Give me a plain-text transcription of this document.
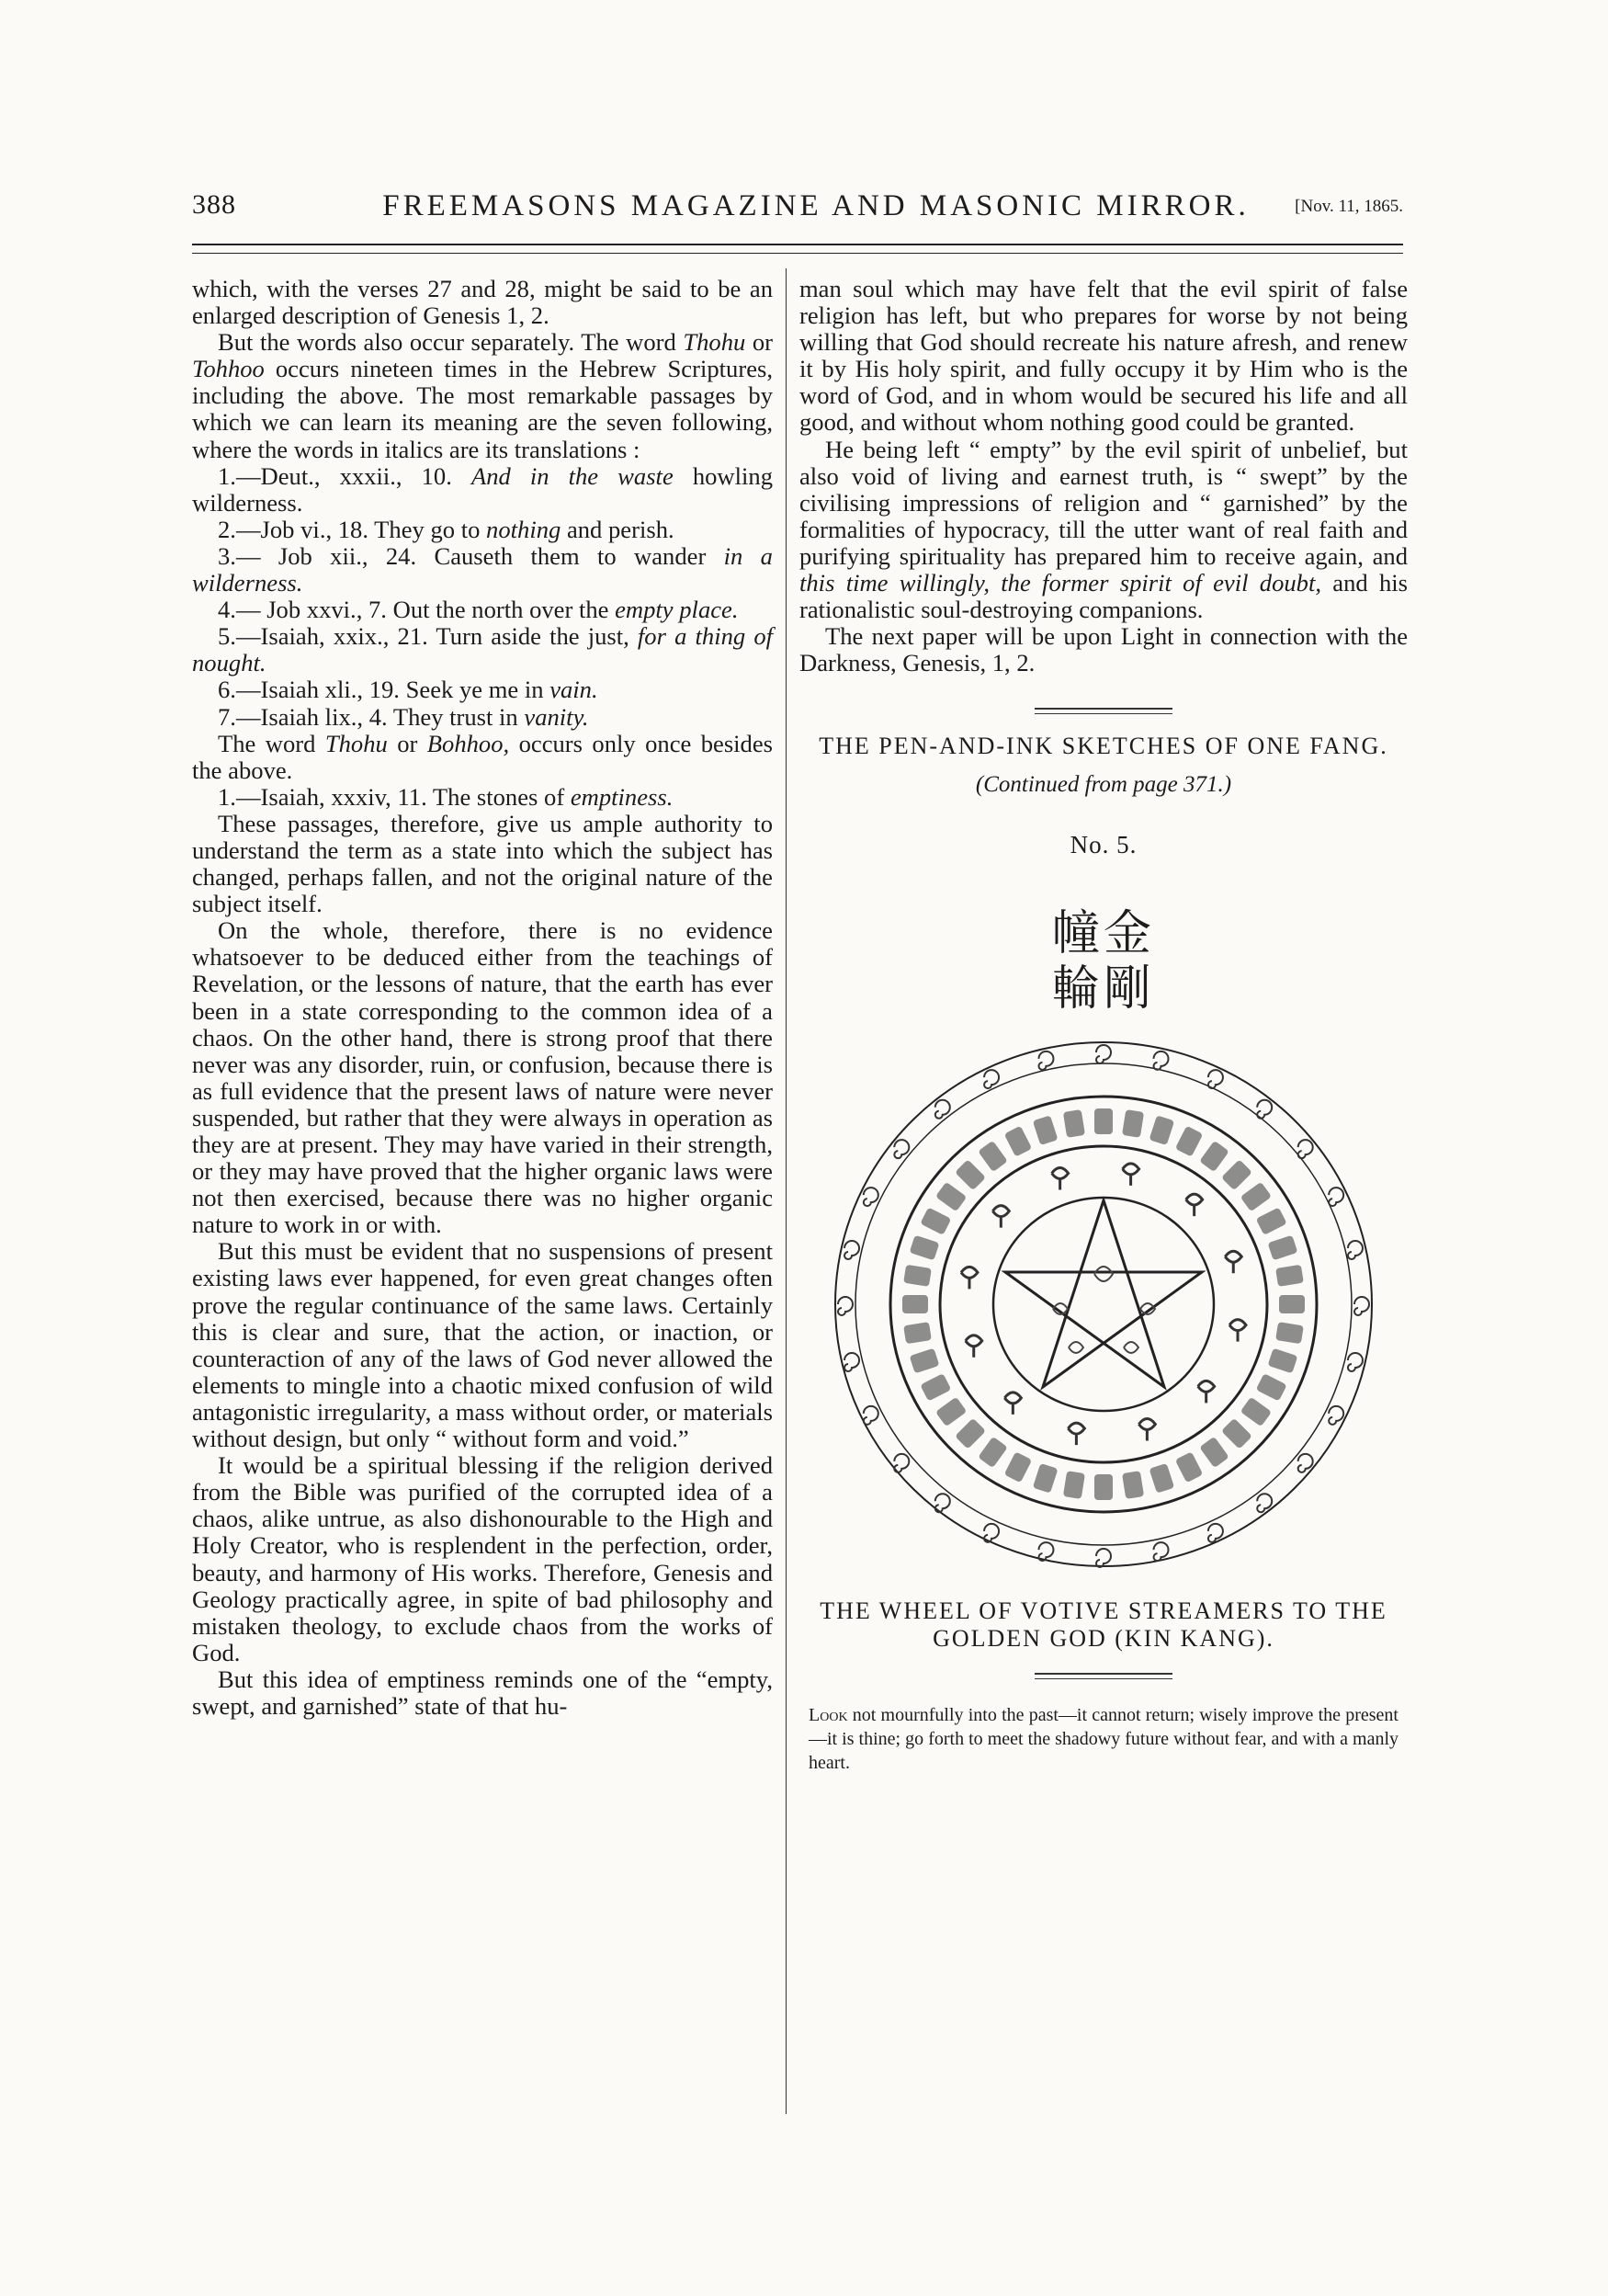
388	FREEMASONS MAGAZINE AND MASONIC MIRROR.	[Nov. 11, 1865.

which, with the verses 27 and 28, might be said to be an enlarged description of Genesis 1, 2.

But the words also occur separately. The word Thohu or Tohhoo occurs nineteen times in the Hebrew Scriptures, including the above. The most remarkable passages by which we can learn its meaning are the seven following, where the words in italics are its translations :

1.—Deut., xxxii., 10. And in the waste howling wilderness.

2.—Job vi., 18. They go to nothing and perish.

3.— Job xii., 24. Causeth them to wander in a wilderness.

4.— Job xxvi., 7. Out the north over the empty place.

5.—Isaiah, xxix., 21. Turn aside the just, for a thing of nought.

6.—Isaiah xli., 19. Seek ye me in vain.

7.—Isaiah lix., 4. They trust in vanity.

The word Thohu or Bohhoo, occurs only once besides the above.

1.—Isaiah, xxxiv, 11. The stones of emptiness.

These passages, therefore, give us ample authority to understand the term as a state into which the subject has changed, perhaps fallen, and not the original nature of the subject itself.

On the whole, therefore, there is no evidence whatsoever to be deduced either from the teachings of Revelation, or the lessons of nature, that the earth has ever been in a state corresponding to the common idea of a chaos. On the other hand, there is strong proof that there never was any disorder, ruin, or confusion, because there is as full evidence that the present laws of nature were never suspended, but rather that they were always in operation as they are at present. They may have varied in their strength, or they may have proved that the higher organic laws were not then exercised, because there was no higher organic nature to work in or with.

But this must be evident that no suspensions of present existing laws ever happened, for even great changes often prove the regular continuance of the same laws. Certainly this is clear and sure, that the action, or inaction, or counteraction of any of the laws of God never allowed the elements to mingle into a chaotic mixed confusion of wild antagonistic irregularity, a mass without order, or materials without design, but only “ without form and void.”

It would be a spiritual blessing if the religion derived from the Bible was purified of the corrupted idea of a chaos, alike untrue, as also dishonourable to the High and Holy Creator, who is resplendent in the perfection, order, beauty, and harmony of His works. Therefore, Genesis and Geology practically agree, in spite of bad philosophy and mistaken theology, to exclude chaos from the works of God.

But this idea of emptiness reminds one of the “empty, swept, and garnished” state of that hu-

man soul which may have felt that the evil spirit of false religion has left, but who prepares for worse by not being willing that God should recreate his nature afresh, and renew it by His holy spirit, and fully occupy it by Him who is the word of God, and in whom would be secured his life and all good, and without whom nothing good could be granted.

He being left “ empty” by the evil spirit of unbelief, but also void of living and earnest truth, is “ swept” by the civilising impressions of religion and “ garnished” by the formalities of hypocracy, till the utter want of real faith and purifying spirituality has prepared him to receive again, and this time willingly, the former spirit of evil doubt, and his rationalistic soul-destroying companions.

The next paper will be upon Light in connection with the Darkness, Genesis, 1, 2.

THE PEN-AND-INK SKETCHES OF ONE FANG.
(Continued from page 371.)
No. 5.
幢金
輪剛
THE WHEEL OF VOTIVE STREAMERS TO THE GOLDEN GOD (KIN KANG).
Look not mournfully into the past—it cannot return; wisely improve the present—it is thine; go forth to meet the shadowy future without fear, and with a manly heart.
